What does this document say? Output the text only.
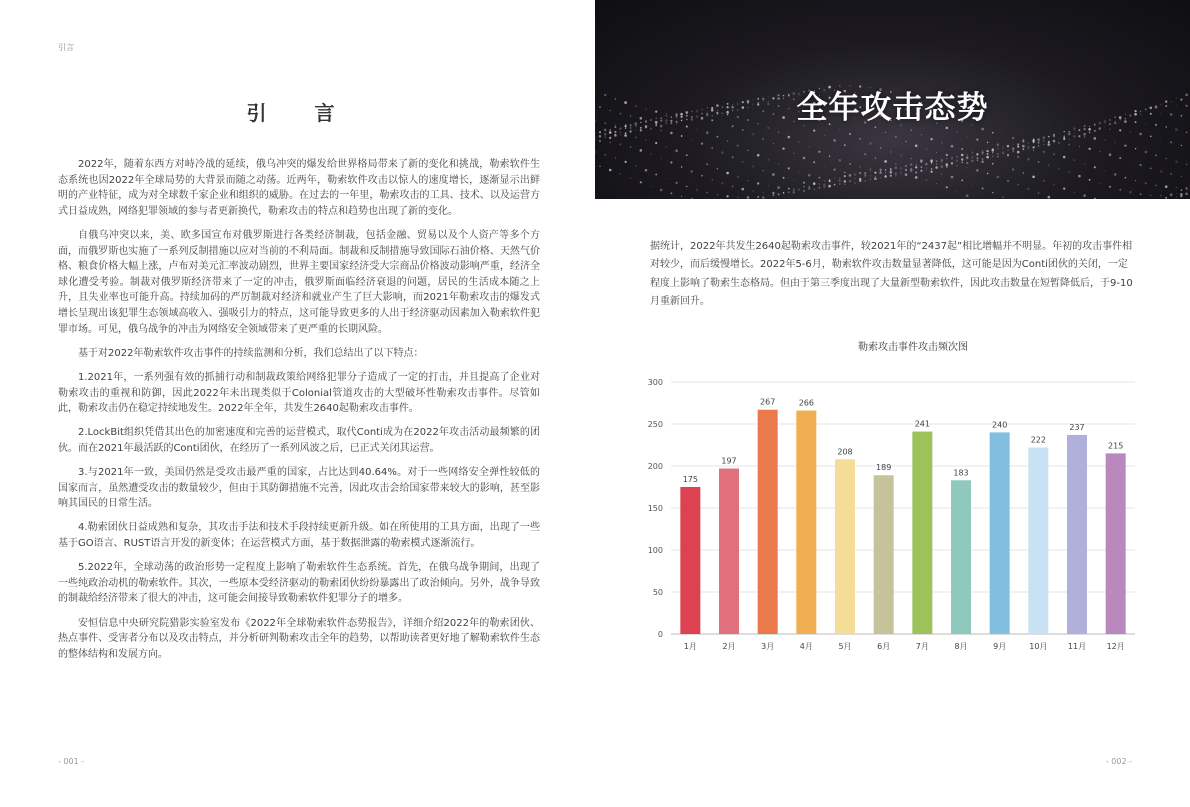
引言
引　言

2022年，随着东西方对峙冷战的延续，俄乌冲突的爆发给世界格局带来了新的变化和挑战，勒索软件生态系统也因2022年全球局势的大背景而随之动荡。近两年，勒索软件攻击以惊人的速度增长，逐渐显示出鲜明的产业特征，成为对全球数千家企业和组织的威胁。在过去的一年里，勒索攻击的工具、技术、以及运营方式日益成熟，网络犯罪领域的参与者更新换代，勒索攻击的特点和趋势也出现了新的变化。

自俄乌冲突以来，美、欧多国宣布对俄罗斯进行各类经济制裁，包括金融、贸易以及个人资产等多个方面，而俄罗斯也实施了一系列反制措施以应对当前的不利局面。制裁和反制措施导致国际石油价格、天然气价格、粮食价格大幅上涨，卢布对美元汇率波动剧烈，世界主要国家经济受大宗商品价格波动影响严重，经济全球化遭受考验。制裁对俄罗斯经济带来了一定的冲击，俄罗斯面临经济衰退的问题，居民的生活成本随之上升，且失业率也可能升高。持续加码的严厉制裁对经济和就业产生了巨大影响，而2021年勒索攻击的爆发式增长呈现出该犯罪生态领域高收入、强吸引力的特点，这可能导致更多的人出于经济驱动因素加入勒索软件犯罪市场。可见，俄乌战争的冲击为网络安全领域带来了更严重的长期风险。

基于对2022年勒索软件攻击事件的持续监测和分析，我们总结出了以下特点：

1.2021年，一系列强有效的抓捕行动和制裁政策给网络犯罪分子造成了一定的打击，并且提高了企业对勒索攻击的重视和防御，因此2022年未出现类似于Colonial管道攻击的大型破坏性勒索攻击事件。尽管如此，勒索攻击仍在稳定持续地发生。2022年全年，共发生2640起勒索攻击事件。

2.LockBit组织凭借其出色的加密速度和完善的运营模式，取代Conti成为在2022年攻击活动最频繁的团伙。而在2021年最活跃的Conti团伙，在经历了一系列风波之后，已正式关闭其运营。

3.与2021年一致，美国仍然是受攻击最严重的国家，占比达到40.64%。对于一些网络安全弹性较低的国家而言，虽然遭受攻击的数量较少，但由于其防御措施不完善，因此攻击会给国家带来较大的影响，甚至影响其国民的日常生活。

4.勒索团伙日益成熟和复杂，其攻击手法和技术手段持续更新升级。如在所使用的工具方面，出现了一些基于GO语言、RUST语言开发的新变体；在运营模式方面，基于数据泄露的勒索模式逐渐流行。

5.2022年，全球动荡的政治形势一定程度上影响了勒索软件生态系统。首先，在俄乌战争期间，出现了一些纯政治动机的勒索软件。其次，一些原本受经济驱动的勒索团伙纷纷暴露出了政治倾向。另外，战争导致的制裁给经济带来了很大的冲击，这可能会间接导致勒索软件犯罪分子的增多。

安恒信息中央研究院猎影实验室发布《2022年全球勒索软件态势报告》，详细介绍2022年的勒索团伙、热点事件、受害者分布以及攻击特点，并分析研判勒索攻击全年的趋势，以帮助读者更好地了解勒索软件生态的整体结构和发展方向。

- 001 -
全年攻击态势

据统计，2022年共发生2640起勒索攻击事件，较2021年的“2437起”相比增幅并不明显。年初的攻击事件相对较少，而后缓慢增长。2022年5-6月，勒索软件攻击数量显著降低，这可能是因为Conti团伙的关闭，一定程度上影响了勒索生态格局。但由于第三季度出现了大量新型勒索软件，因此攻击数量在短暂降低后，于9-10月重新回升。

勒索攻击事件攻击频次图
0
50
100
150
200
250
300
175
1月
197
2月
267
3月
266
4月
208
5月
189
6月
241
7月
183
8月
240
9月
222
10月
237
11月
215
12月
- 002 -
